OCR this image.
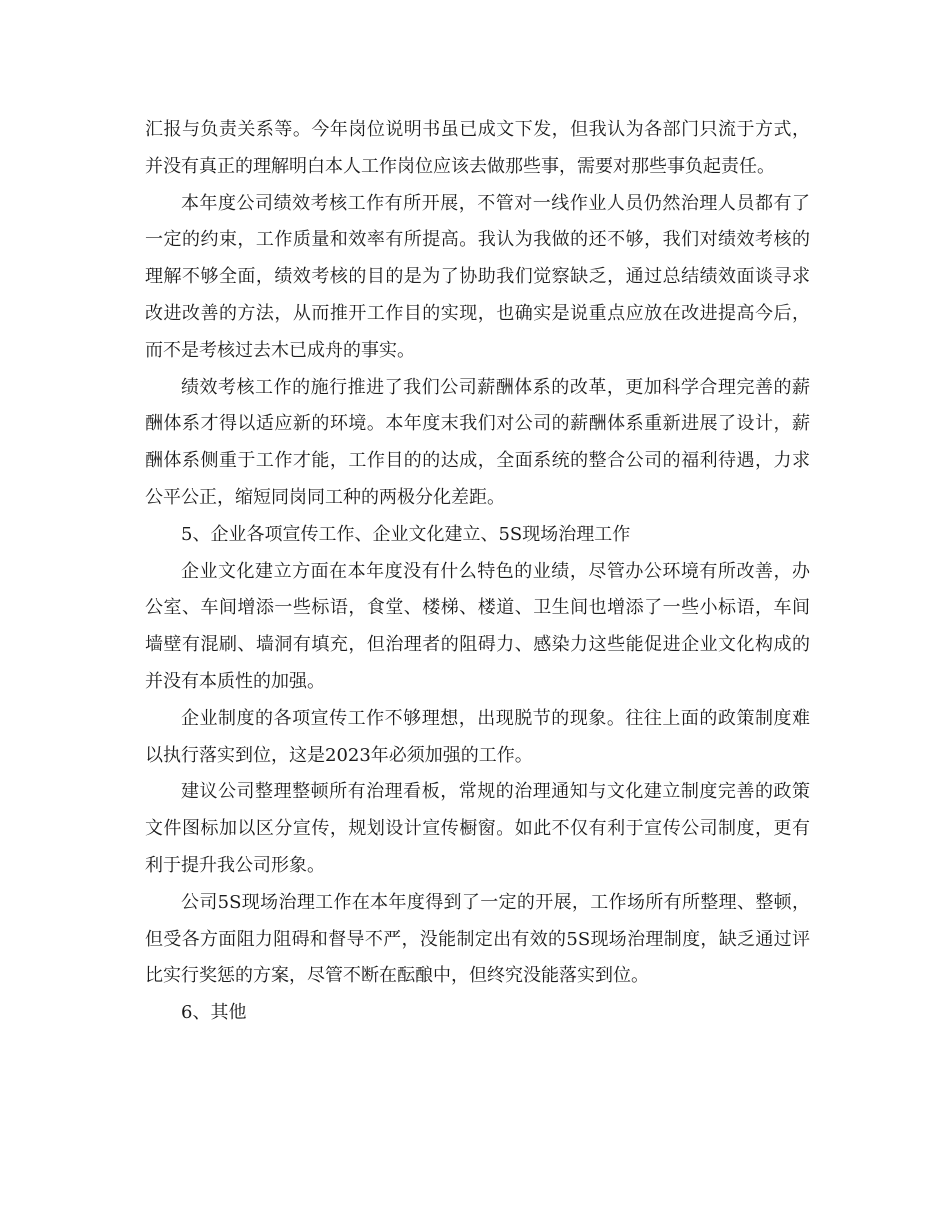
汇报与负责关系等。今年岗位说明书虽已成文下发，但我认为各部门只流于方式，并没有真正的理解明白本人工作岗位应该去做那些事，需要对那些事负起责任。

本年度公司绩效考核工作有所开展，不管对一线作业人员仍然治理人员都有了一定的约束，工作质量和效率有所提高。我认为我做的还不够，我们对绩效考核的理解不够全面，绩效考核的目的是为了协助我们觉察缺乏，通过总结绩效面谈寻求改进改善的方法，从而推开工作目的实现，也确实是说重点应放在改进提高今后，而不是考核过去木已成舟的事实。

绩效考核工作的施行推进了我们公司薪酬体系的改革，更加科学合理完善的薪酬体系才得以适应新的环境。本年度末我们对公司的薪酬体系重新进展了设计，薪酬体系侧重于工作才能，工作目的的达成，全面系统的整合公司的福利待遇，力求公平公正，缩短同岗同工种的两极分化差距。

5、企业各项宣传工作、企业文化建立、5S现场治理工作

企业文化建立方面在本年度没有什么特色的业绩，尽管办公环境有所改善，办公室、车间增添一些标语，食堂、楼梯、楼道、卫生间也增添了一些小标语，车间墙壁有混刷、墙洞有填充，但治理者的阻碍力、感染力这些能促进企业文化构成的并没有本质性的加强。

企业制度的各项宣传工作不够理想，出现脱节的现象。往往上面的政策制度难以执行落实到位，这是2023年必须加强的工作。

建议公司整理整顿所有治理看板，常规的治理通知与文化建立制度完善的政策文件图标加以区分宣传，规划设计宣传橱窗。如此不仅有利于宣传公司制度，更有利于提升我公司形象。

公司5S现场治理工作在本年度得到了一定的开展，工作场所有所整理、整顿，但受各方面阻力阻碍和督导不严，没能制定出有效的5S现场治理制度，缺乏通过评比实行奖惩的方案，尽管不断在酝酿中，但终究没能落实到位。

6、其他
